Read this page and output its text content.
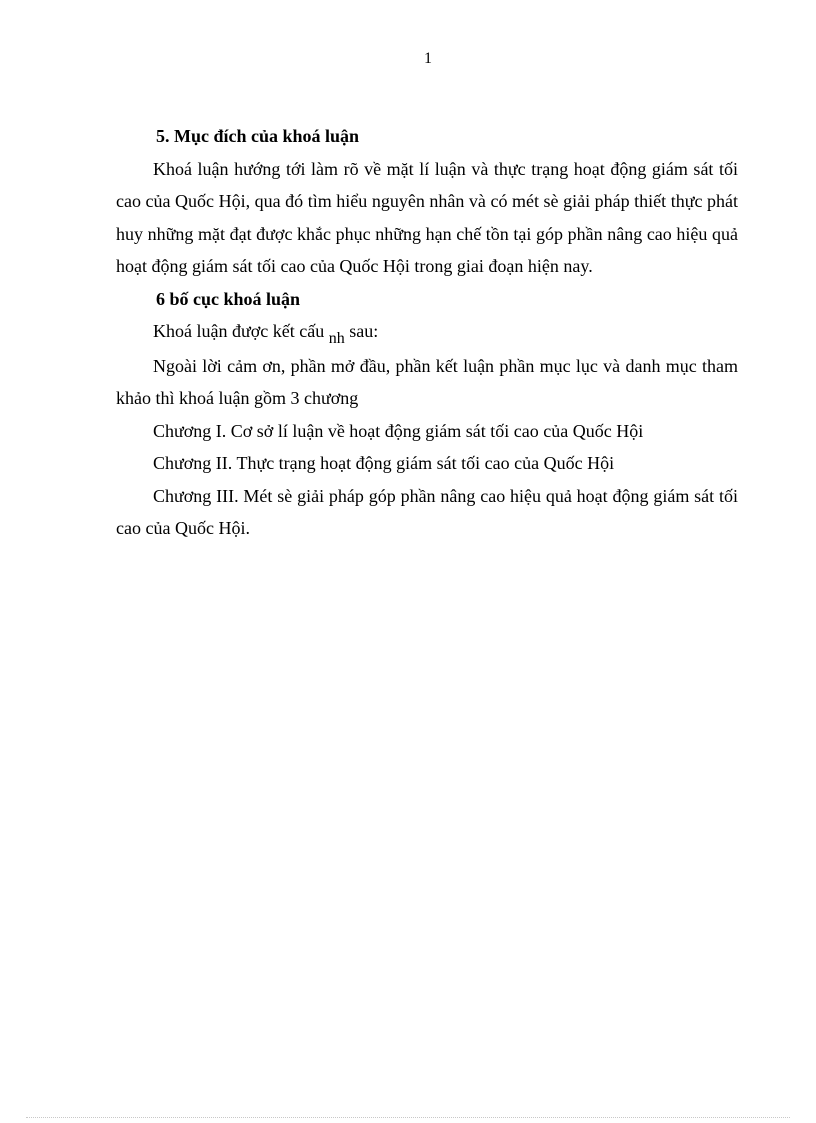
1

5. Mục đích của khoá luận

Khoá luận hướng tới làm rõ về mặt lí luận và thực trạng hoạt động giám sát tối cao của Quốc Hội, qua đó tìm hiểu nguyên nhân và có mét sè giải pháp thiết thực phát huy những mặt đạt được khắc phục những hạn chế tồn tại góp phần nâng cao hiệu quả hoạt động giám sát tối cao của Quốc Hội trong giai đoạn hiện nay.

6 bố cục khoá luận

Khoá luận được kết cấu nh sau:

Ngoài lời cảm ơn, phần mở đầu, phần kết luận phần mục lục và danh mục tham khảo thì khoá luận gồm 3 chương

Chương I. Cơ sở lí luận về hoạt động giám sát tối cao của Quốc Hội

Chương II. Thực trạng hoạt động giám sát tối cao của Quốc Hội

Chương III. Mét sè giải pháp góp phần nâng cao hiệu quả hoạt động giám sát tối cao của Quốc Hội.
